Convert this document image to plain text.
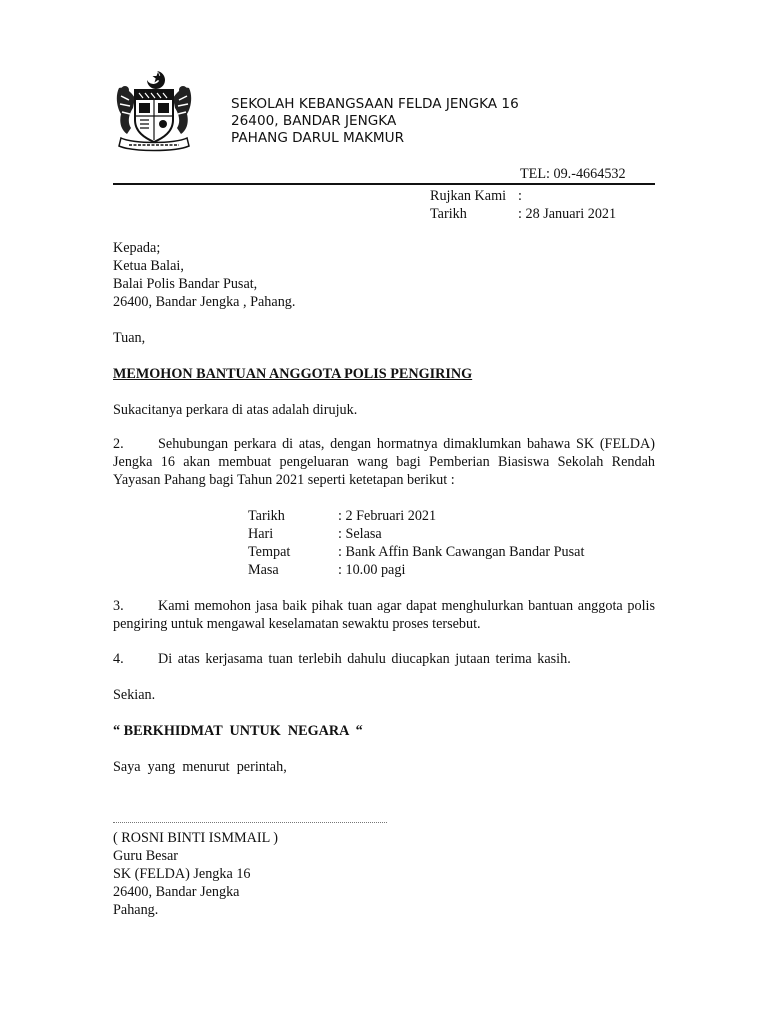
SEKOLAH KEBANGSAAN FELDA JENGKA 16
26400, BANDAR JENGKA
PAHANG DARUL MAKMUR
TEL: 09.-4664532
Rujkan Kami :
Tarikh	: 28 Januari 2021
Kepada;
Ketua Balai,
Balai Polis Bandar Pusat,
26400, Bandar Jengka , Pahang.
Tuan,
MEMOHON BANTUAN ANGGOTA POLIS PENGIRING
Sukacitanya perkara di atas adalah dirujuk.
2. Sehubungan perkara di atas, dengan hormatnya dimaklumkan bahawa SK (FELDA) Jengka 16 akan membuat pengeluaran wang bagi Pemberian Biasiswa Sekolah Rendah Yayasan Pahang bagi Tahun 2021 seperti ketetapan berikut :
Tarikh	: 2 Februari 2021
Hari	: Selasa
Tempat	: Bank Affin Bank Cawangan Bandar Pusat
Masa	: 10.00 pagi
3. Kami memohon jasa baik pihak tuan agar dapat menghulurkan bantuan anggota polis pengiring untuk mengawal keselamatan sewaktu proses tersebut.
4. Di atas kerjasama tuan terlebih dahulu diucapkan jutaan terima kasih.
Sekian.
“ BERKHIDMAT  UNTUK  NEGARA  “
Saya  yang  menurut  perintah,
( ROSNI BINTI ISMMAIL )
Guru Besar
SK (FELDA) Jengka 16
26400, Bandar Jengka
Pahang.
